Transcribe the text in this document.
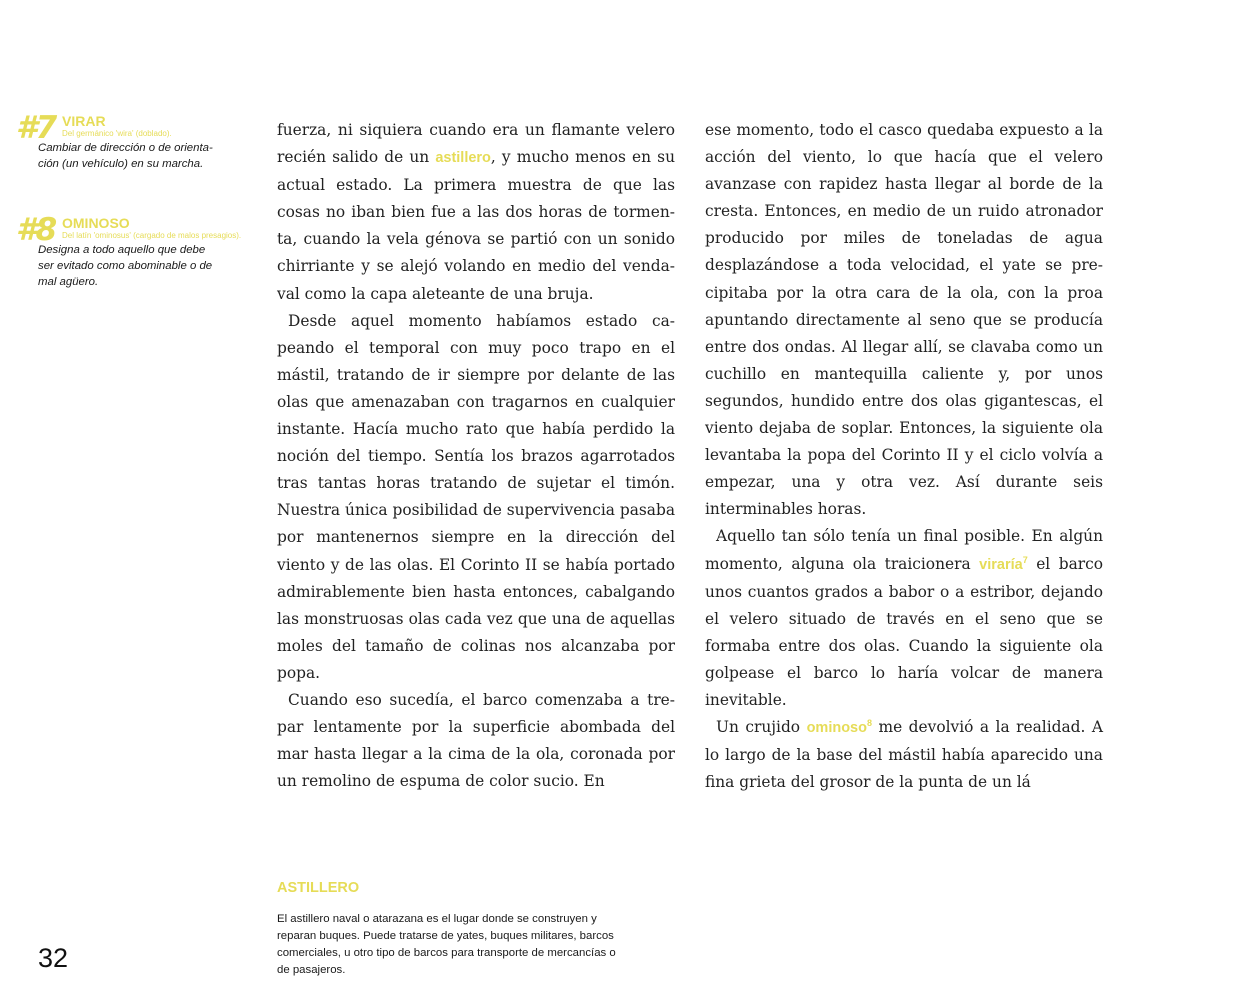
#7 VIRAR
Del germánico 'wira' (doblado).
Cambiar de dirección o de orienta-
ción (un vehículo) en su marcha.
#8 OMINOSO
Del latín 'ominosus' (cargado de malos presagios).
Designa a todo aquello que debe
ser evitado como abominable o de
mal agüero.

fuerza, ni siquiera cuando era un flamante velero recién salido de un astillero, y mucho menos en su actual estado. La primera muestra de que las cosas no iban bien fue a las dos horas de tormenta, cuando la vela génova se partió con un sonido chirriante y se alejó volando en medio del vendaval como la capa aleteante de una bruja.

Desde aquel momento habíamos estado capeando el temporal con muy poco trapo en el mástil, tratando de ir siempre por delante de las olas que amenazaban con tragarnos en cualquier instante. Hacía mucho rato que había perdido la noción del tiempo. Sentía los brazos agarrotados tras tantas horas tratando de sujetar el timón. Nuestra única posibilidad de supervivencia pasaba por mantenernos siempre en la dirección del viento y de las olas. El Corinto II se había portado admirablemente bien hasta entonces, cabalgando las monstruosas olas cada vez que una de aquellas moles del tamaño de colinas nos alcanzaba por popa.

Cuando eso sucedía, el barco comenzaba a trepar lentamente por la superficie abombada del mar hasta llegar a la cima de la ola, coronada por un remolino de espuma de color sucio. En

ese momento, todo el casco quedaba expuesto a la acción del viento, lo que hacía que el velero avanzase con rapidez hasta llegar al borde de la cresta. Entonces, en medio de un ruido atronador producido por miles de toneladas de agua desplazándose a toda velocidad, el yate se precipitaba por la otra cara de la ola, con la proa apuntando directamente al seno que se producía entre dos ondas. Al llegar allí, se clavaba como un cuchillo en mantequilla caliente y, por unos segundos, hundido entre dos olas gigantescas, el viento dejaba de soplar. Entonces, la siguiente ola levantaba la popa del Corinto II y el ciclo volvía a empezar, una y otra vez. Así durante seis interminables horas.

Aquello tan sólo tenía un final posible. En algún momento, alguna ola traicionera viraría$^7$ el barco unos cuantos grados a babor o a estribor, dejando el velero situado de través en el seno que se formaba entre dos olas. Cuando la siguiente ola golpease el barco lo haría volcar de manera inevitable.

Un crujido ominoso$^8$ me devolvió a la realidad. A lo largo de la base del mástil había aparecido una fina grieta del grosor de la punta de un lá

ASTILLERO
El astillero naval o atarazana es el lugar donde se construyen y
reparan buques. Puede tratarse de yates, buques militares, barcos
comerciales, u otro tipo de barcos para transporte de mercancías o
de pasajeros.
32
